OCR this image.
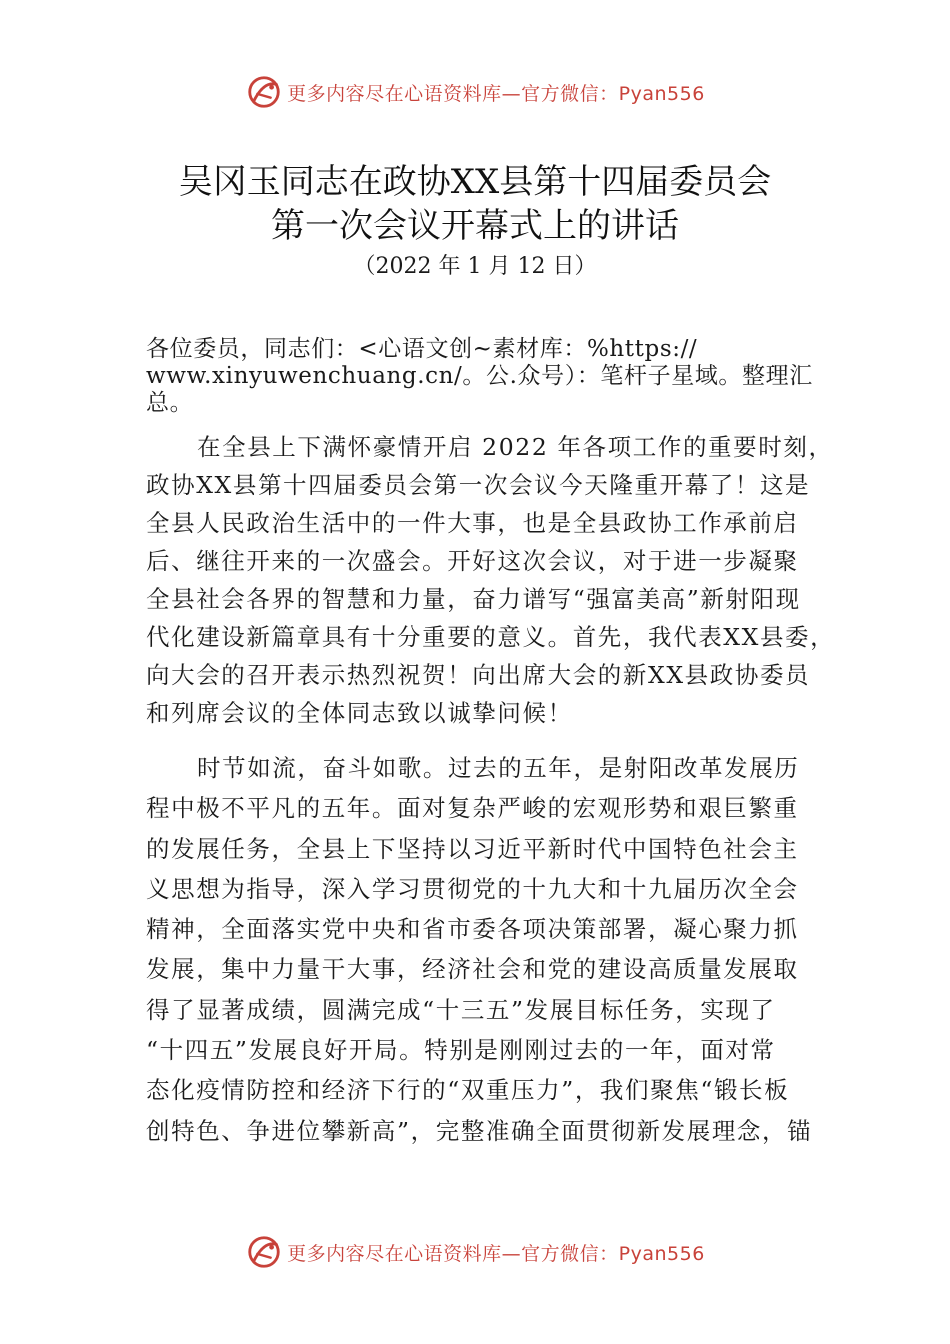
更多内容尽在心语资料库—官方微信：Pyan556
吴冈玉同志在政协XX县第十四届委员会
第一次会议开幕式上的讲话
（2022 年 1 月 12 日）
各位委员，同志们：<心语文创~素材库：%https://
www.xinyuwenchuang.cn/。公.众号）：笔杆子星域。整理汇
总。
在全县上下满怀豪情开启 2022 年各项工作的重要时刻，
政协XX县第十四届委员会第一次会议今天隆重开幕了！这是
全县人民政治生活中的一件大事，也是全县政协工作承前启
后、继往开来的一次盛会。开好这次会议，对于进一步凝聚
全县社会各界的智慧和力量，奋力谱写“强富美高”新射阳现
代化建设新篇章具有十分重要的意义。首先，我代表XX县委，
向大会的召开表示热烈祝贺！向出席大会的新XX县政协委员
和列席会议的全体同志致以诚挚问候！
时节如流，奋斗如歌。过去的五年，是射阳改革发展历
程中极不平凡的五年。面对复杂严峻的宏观形势和艰巨繁重
的发展任务，全县上下坚持以习近平新时代中国特色社会主
义思想为指导，深入学习贯彻党的十九大和十九届历次全会
精神，全面落实党中央和省市委各项决策部署，凝心聚力抓
发展，集中力量干大事，经济社会和党的建设高质量发展取
得了显著成绩，圆满完成“十三五”发展目标任务，实现了
“十四五”发展良好开局。特别是刚刚过去的一年，面对常
态化疫情防控和经济下行的“双重压力”，我们聚焦“锻长板
创特色、争进位攀新高”，完整准确全面贯彻新发展理念，锚
更多内容尽在心语资料库—官方微信：Pyan556
